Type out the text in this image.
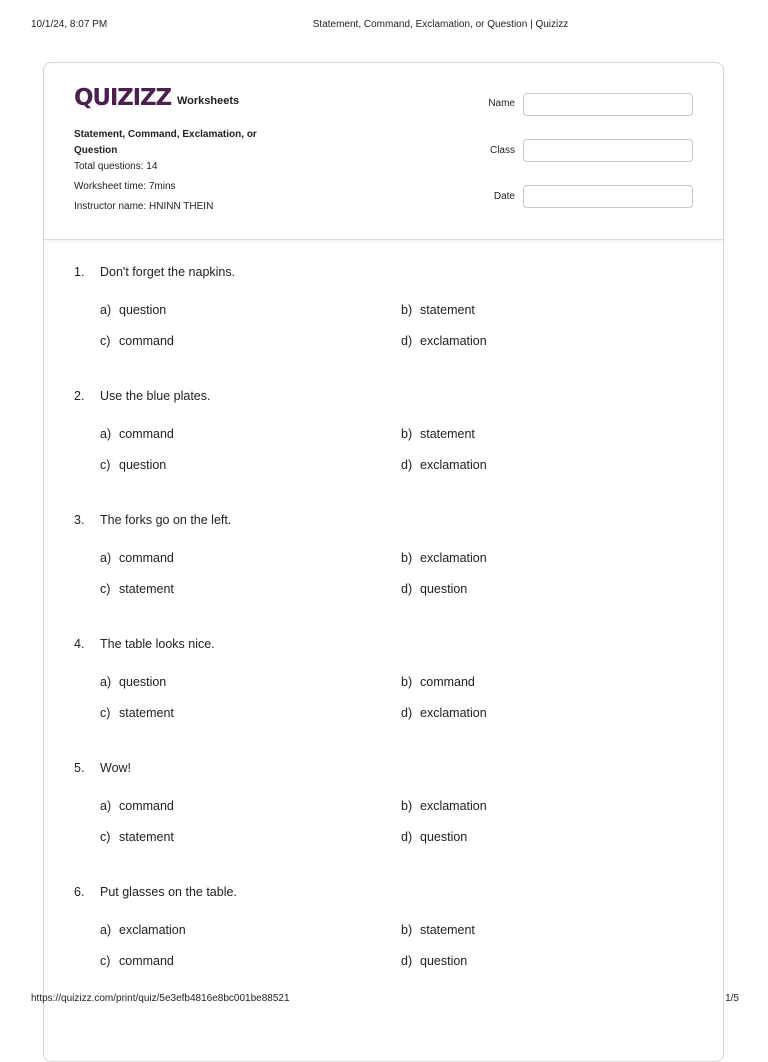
10/1/24, 8:07 PM	Statement, Command, Exclamation, or Question | Quizizz
QUIZIZZ Worksheets
Statement, Command, Exclamation, or Question
Total questions: 14
Worksheet time: 7mins
Instructor name: HNINN THEIN
Name
Class
Date
1. Don't forget the napkins.
a) question	b) statement
c) command	d) exclamation
2. Use the blue plates.
a) command	b) statement
c) question	d) exclamation
3. The forks go on the left.
a) command	b) exclamation
c) statement	d) question
4. The table looks nice.
a) question	b) command
c) statement	d) exclamation
5. Wow!
a) command	b) exclamation
c) statement	d) question
6. Put glasses on the table.
a) exclamation	b) statement
c) command	d) question
https://quizizz.com/print/quiz/5e3efb4816e8bc001be88521	1/5
